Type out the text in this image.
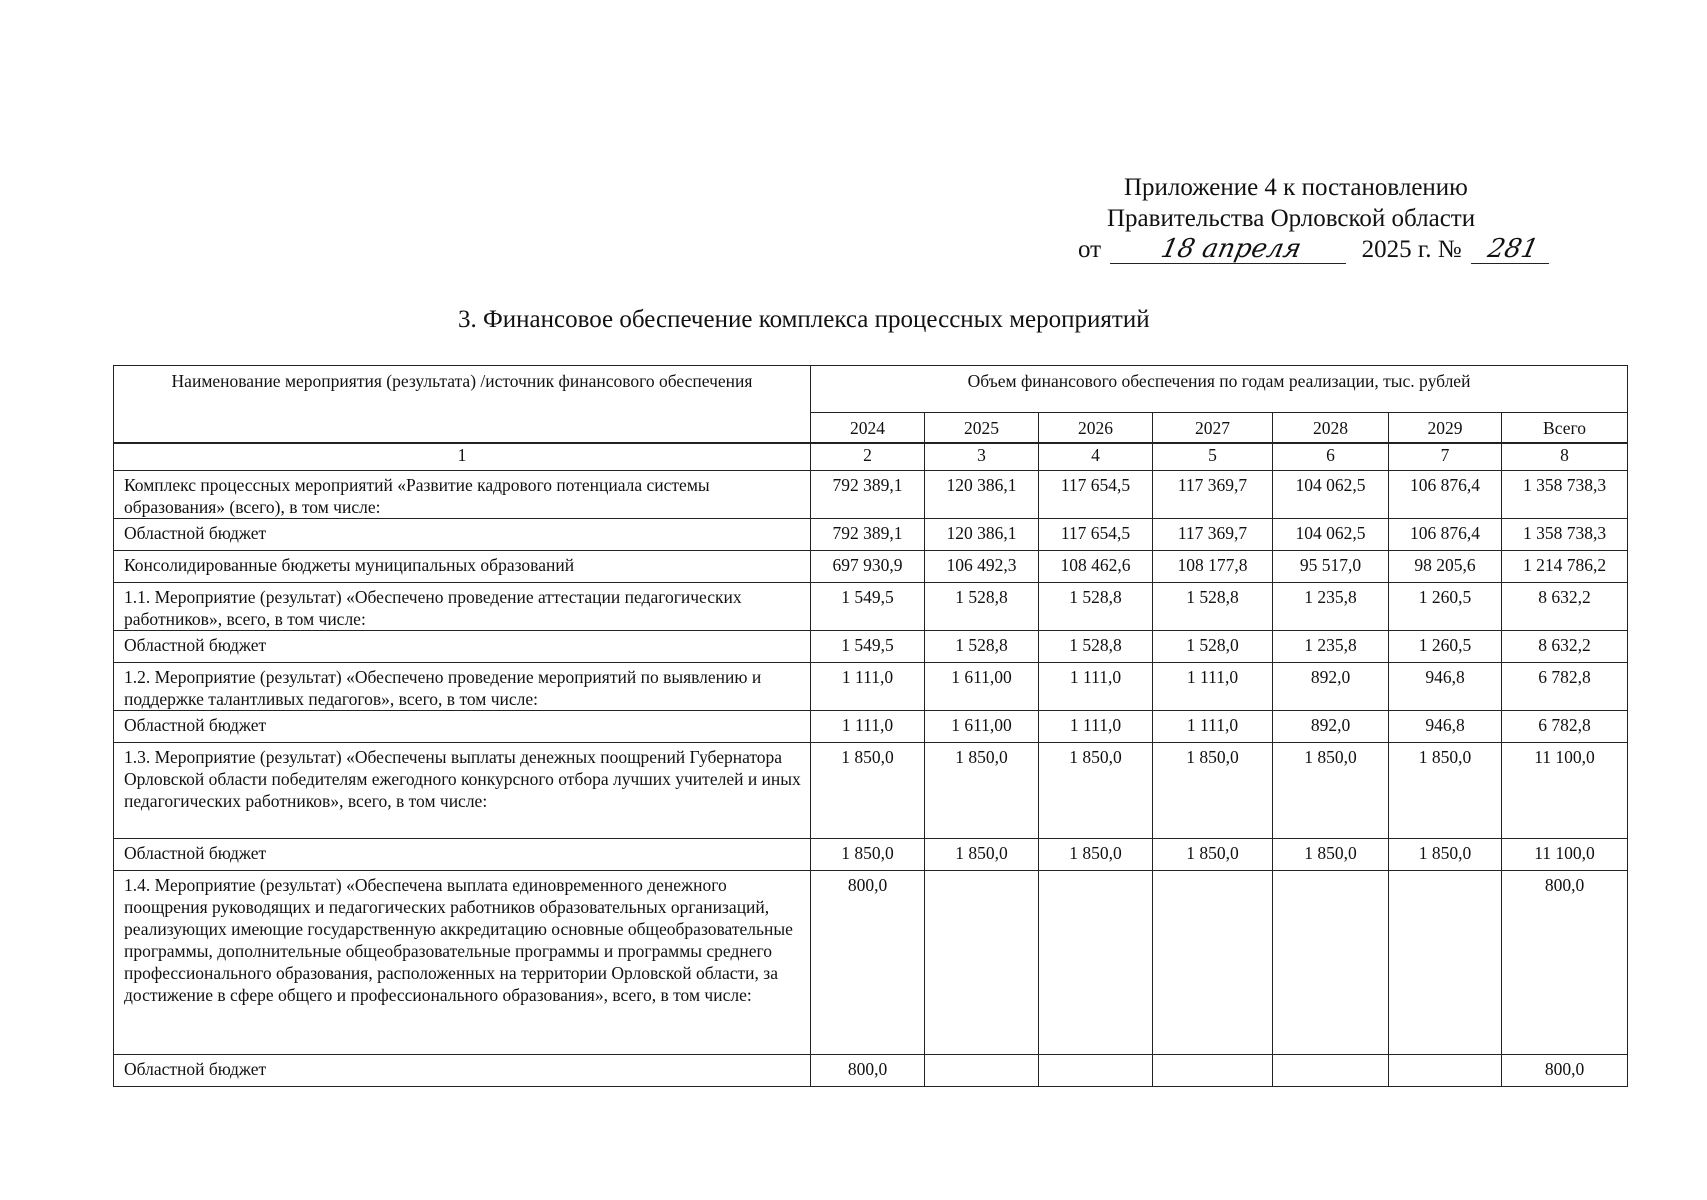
Приложение 4 к постановлению
Правительства Орловской области
от 18 апреля 2025 г. № 281
3. Финансовое обеспечение комплекса процессных мероприятий
Наименование мероприятия (результата) /источник финансового обеспечения	Объем финансового обеспечения по годам реализации, тыс. рублей						
	2024	2025	2026	2027	2028	2029	Всего

1	2	3	4	5	6	7	8
Комплекс процессных мероприятий «Развитие кадрового потенциала системы образования» (всего), в том числе:	792 389,1	120 386,1	117 654,5	117 369,7	104 062,5	106 876,4	1 358 738,3
Областной бюджет	792 389,1	120 386,1	117 654,5	117 369,7	104 062,5	106 876,4	1 358 738,3
Консолидированные бюджеты муниципальных образований	697 930,9	106 492,3	108 462,6	108 177,8	95 517,0	98 205,6	1 214 786,2
1.1. Мероприятие (результат) «Обеспечено проведение аттестации педагогических работников», всего, в том числе:	1 549,5	1 528,8	1 528,8	1 528,8	1 235,8	1 260,5	8 632,2
Областной бюджет	1 549,5	1 528,8	1 528,8	1 528,0	1 235,8	1 260,5	8 632,2
1.2. Мероприятие (результат) «Обеспечено проведение мероприятий по выявлению и поддержке талантливых педагогов», всего, в том числе:	1 111,0	1 611,00	1 111,0	1 111,0	892,0	946,8	6 782,8
Областной бюджет	1 111,0	1 611,00	1 111,0	1 111,0	892,0	946,8	6 782,8
1.3. Мероприятие (результат) «Обеспечены выплаты денежных поощрений Губернатора Орловской области победителям ежегодного конкурсного отбора лучших учителей и иных педагогических работников», всего, в том числе:	1 850,0	1 850,0	1 850,0	1 850,0	1 850,0	1 850,0	11 100,0
Областной бюджет	1 850,0	1 850,0	1 850,0	1 850,0	1 850,0	1 850,0	11 100,0
1.4. Мероприятие (результат) «Обеспечена выплата единовременного денежного поощрения руководящих и педагогических работников образовательных организаций, реализующих имеющие государственную аккредитацию основные общеобразовательные программы, дополнительные общеобразовательные программы и программы среднего профессионального образования, расположенных на территории Орловской области, за достижение в сфере общего и профессионального образования», всего, в том числе:	800,0						800,0
Областной бюджет	800,0						800,0
